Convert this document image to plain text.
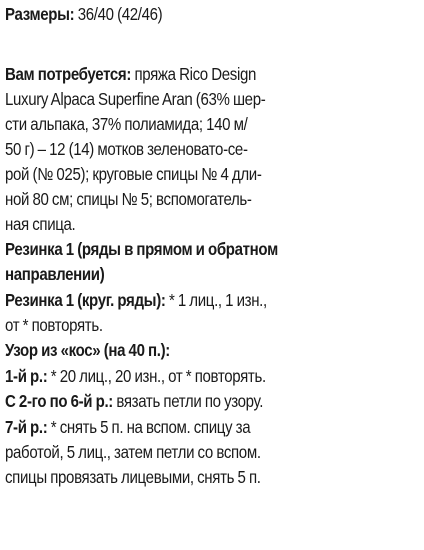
Размеры: 36/40 (42/46)
Вам потребуется: пряжа Rico Design
Luxury Alpaca Superfine Aran (63% шер-
сти альпака, 37% полиамида; 140 м/
50 г) – 12 (14) мотков зеленовато-се-
рой (№ 025); круговые спицы № 4 дли-
ной 80 см; спицы № 5; вспомогатель-
ная спица.
Резинка 1 (ряды в прямом и обратном
направлении)
Резинка 1 (круг. ряды): * 1 лиц., 1 изн.,
от * повторять.
Узор из «кос» (на 40 п.):
1-й р.: * 20 лиц., 20 изн., от * повторять.
С 2-го по 6-й р.: вязать петли по узору.
7-й р.: * снять 5 п. на вспом. спицу за
работой, 5 лиц., затем петли со вспом.
спицы провязать лицевыми, снять 5 п.
